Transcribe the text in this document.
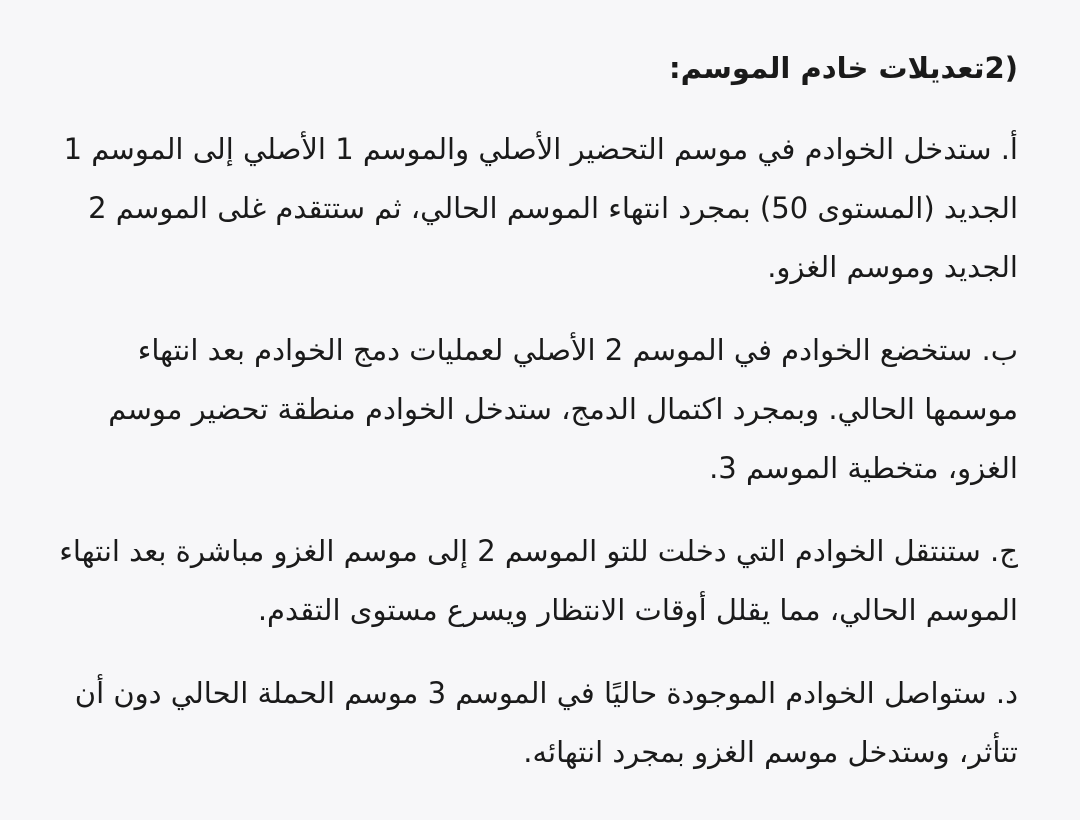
(2تعديلات خادم الموسم:

أ. ستدخل الخوادم في موسم التحضير الأصلي والموسم 1 الأصلي إلى الموسم 1 الجديد (المستوى 50) بمجرد انتهاء الموسم الحالي، ثم ستتقدم غلى الموسم 2 الجديد وموسم الغزو.

ب. ستخضع الخوادم في الموسم 2 الأصلي لعمليات دمج الخوادم بعد انتهاء موسمها الحالي. وبمجرد اكتمال الدمج، ستدخل الخوادم منطقة تحضير موسم الغزو، متخطية الموسم 3.

ج. ستنتقل الخوادم التي دخلت للتو الموسم 2 إلى موسم الغزو مباشرة بعد انتهاء الموسم الحالي، مما يقلل أوقات الانتظار ويسرع مستوى التقدم.

د. ستواصل الخوادم الموجودة حاليًا في الموسم 3 موسم الحملة الحالي دون أن تتأثر، وستدخل موسم الغزو بمجرد انتهائه.
